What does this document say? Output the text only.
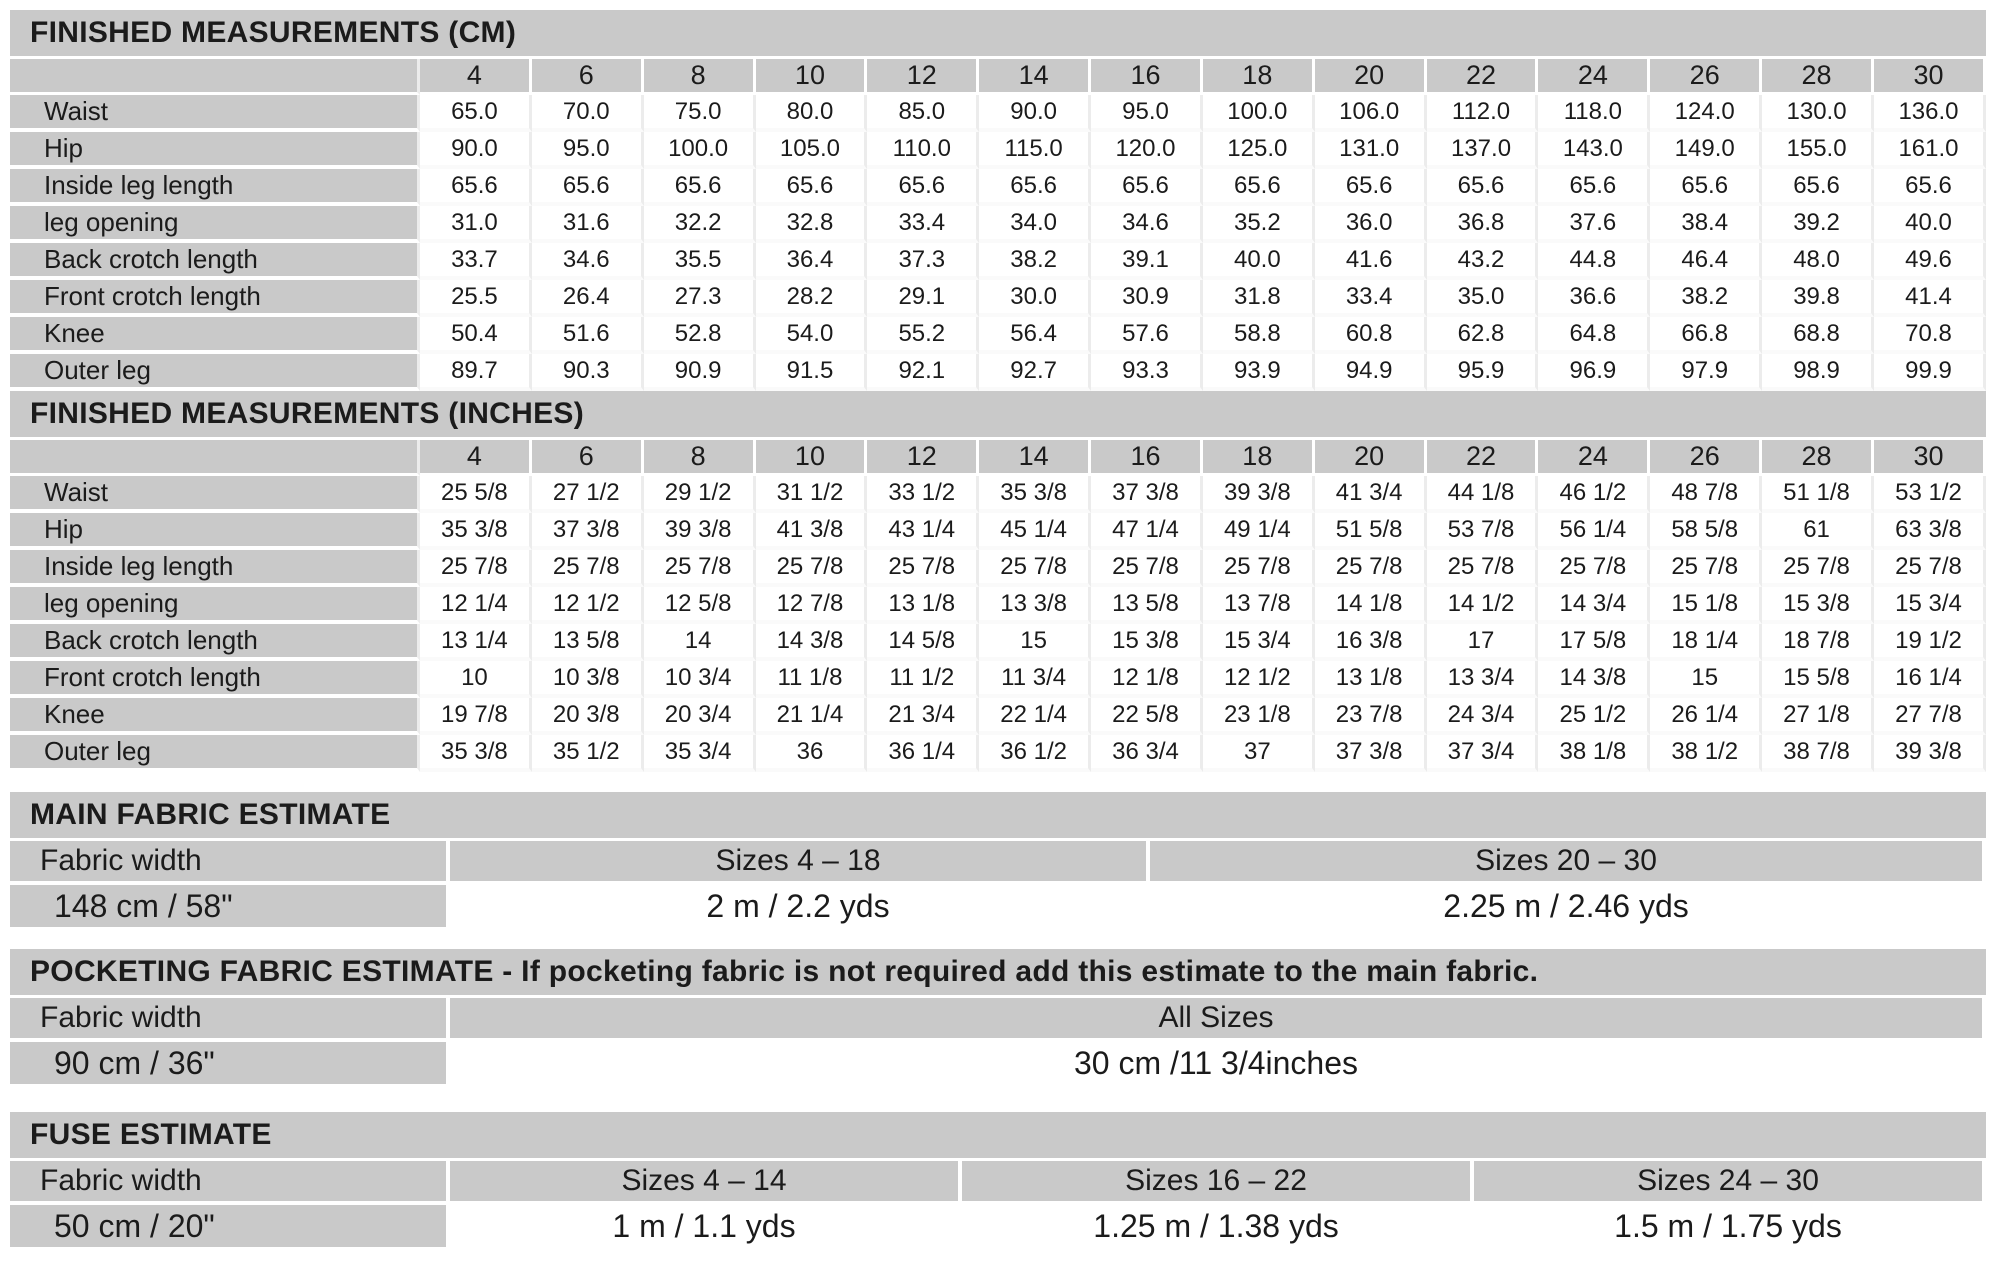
FINISHED MEASUREMENTS (CM)
	4	6	8	10	12	14	16	18	20	22	24	26	28	30
Waist	65.0	70.0	75.0	80.0	85.0	90.0	95.0	100.0	106.0	112.0	118.0	124.0	130.0	136.0
Hip	90.0	95.0	100.0	105.0	110.0	115.0	120.0	125.0	131.0	137.0	143.0	149.0	155.0	161.0
Inside leg length	65.6	65.6	65.6	65.6	65.6	65.6	65.6	65.6	65.6	65.6	65.6	65.6	65.6	65.6
leg opening	31.0	31.6	32.2	32.8	33.4	34.0	34.6	35.2	36.0	36.8	37.6	38.4	39.2	40.0
Back crotch length	33.7	34.6	35.5	36.4	37.3	38.2	39.1	40.0	41.6	43.2	44.8	46.4	48.0	49.6
Front crotch length	25.5	26.4	27.3	28.2	29.1	30.0	30.9	31.8	33.4	35.0	36.6	38.2	39.8	41.4
Knee	50.4	51.6	52.8	54.0	55.2	56.4	57.6	58.8	60.8	62.8	64.8	66.8	68.8	70.8
Outer leg	89.7	90.3	90.9	91.5	92.1	92.7	93.3	93.9	94.9	95.9	96.9	97.9	98.9	99.9
FINISHED MEASUREMENTS (INCHES)
	4	6	8	10	12	14	16	18	20	22	24	26	28	30
Waist	25 5/8	27 1/2	29 1/2	31 1/2	33 1/2	35 3/8	37 3/8	39 3/8	41 3/4	44 1/8	46 1/2	48 7/8	51 1/8	53 1/2
Hip	35 3/8	37 3/8	39 3/8	41 3/8	43 1/4	45 1/4	47 1/4	49 1/4	51 5/8	53 7/8	56 1/4	58 5/8	61	63 3/8
Inside leg length	25 7/8	25 7/8	25 7/8	25 7/8	25 7/8	25 7/8	25 7/8	25 7/8	25 7/8	25 7/8	25 7/8	25 7/8	25 7/8	25 7/8
leg opening	12 1/4	12 1/2	12 5/8	12 7/8	13 1/8	13 3/8	13 5/8	13 7/8	14 1/8	14 1/2	14 3/4	15 1/8	15 3/8	15 3/4
Back crotch length	13 1/4	13 5/8	14	14 3/8	14 5/8	15	15 3/8	15 3/4	16 3/8	17	17 5/8	18 1/4	18 7/8	19 1/2
Front crotch length	10	10 3/8	10 3/4	11 1/8	11 1/2	11 3/4	12 1/8	12 1/2	13 1/8	13 3/4	14 3/8	15	15 5/8	16 1/4
Knee	19 7/8	20 3/8	20 3/4	21 1/4	21 3/4	22 1/4	22 5/8	23 1/8	23 7/8	24 3/4	25 1/2	26 1/4	27 1/8	27 7/8
Outer leg	35 3/8	35 1/2	35 3/4	36	36 1/4	36 1/2	36 3/4	37	37 3/8	37 3/4	38 1/8	38 1/2	38 7/8	39 3/8
MAIN FABRIC ESTIMATE
Fabric width	Sizes 4 – 18	Sizes 20 – 30
148 cm / 58"	2 m / 2.2 yds	2.25 m / 2.46 yds
POCKETING FABRIC ESTIMATE - If pocketing fabric is not required add this estimate to the main fabric.
Fabric width	All Sizes
90 cm / 36"	30 cm /11 3/4inches
FUSE ESTIMATE
Fabric width	Sizes 4 – 14	Sizes 16 – 22	Sizes 24 – 30
50 cm / 20"	1 m / 1.1 yds	1.25 m / 1.38 yds	1.5 m / 1.75 yds
